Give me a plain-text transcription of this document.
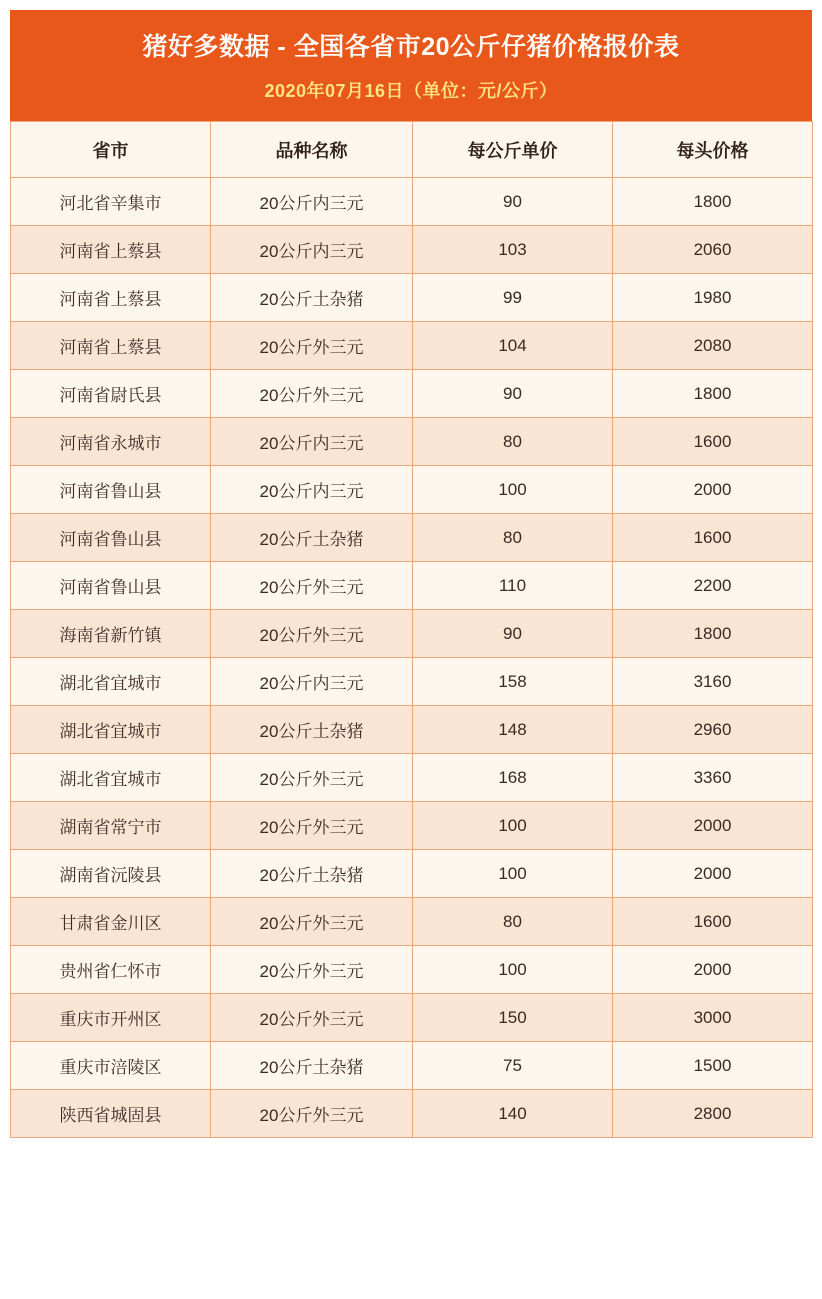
猪好多数据 - 全国各省市20公斤仔猪价格报价表
2020年07月16日（单位：元/公斤）
省市	品种名称	每公斤单价	每头价格
河北省辛集市	20公斤内三元	90	1800
河南省上蔡县	20公斤内三元	103	2060
河南省上蔡县	20公斤土杂猪	99	1980
河南省上蔡县	20公斤外三元	104	2080
河南省尉氏县	20公斤外三元	90	1800
河南省永城市	20公斤内三元	80	1600
河南省鲁山县	20公斤内三元	100	2000
河南省鲁山县	20公斤土杂猪	80	1600
河南省鲁山县	20公斤外三元	110	2200
海南省新竹镇	20公斤外三元	90	1800
湖北省宜城市	20公斤内三元	158	3160
湖北省宜城市	20公斤土杂猪	148	2960
湖北省宜城市	20公斤外三元	168	3360
湖南省常宁市	20公斤外三元	100	2000
湖南省沅陵县	20公斤土杂猪	100	2000
甘肃省金川区	20公斤外三元	80	1600
贵州省仁怀市	20公斤外三元	100	2000
重庆市开州区	20公斤外三元	150	3000
重庆市涪陵区	20公斤土杂猪	75	1500
陕西省城固县	20公斤外三元	140	2800
